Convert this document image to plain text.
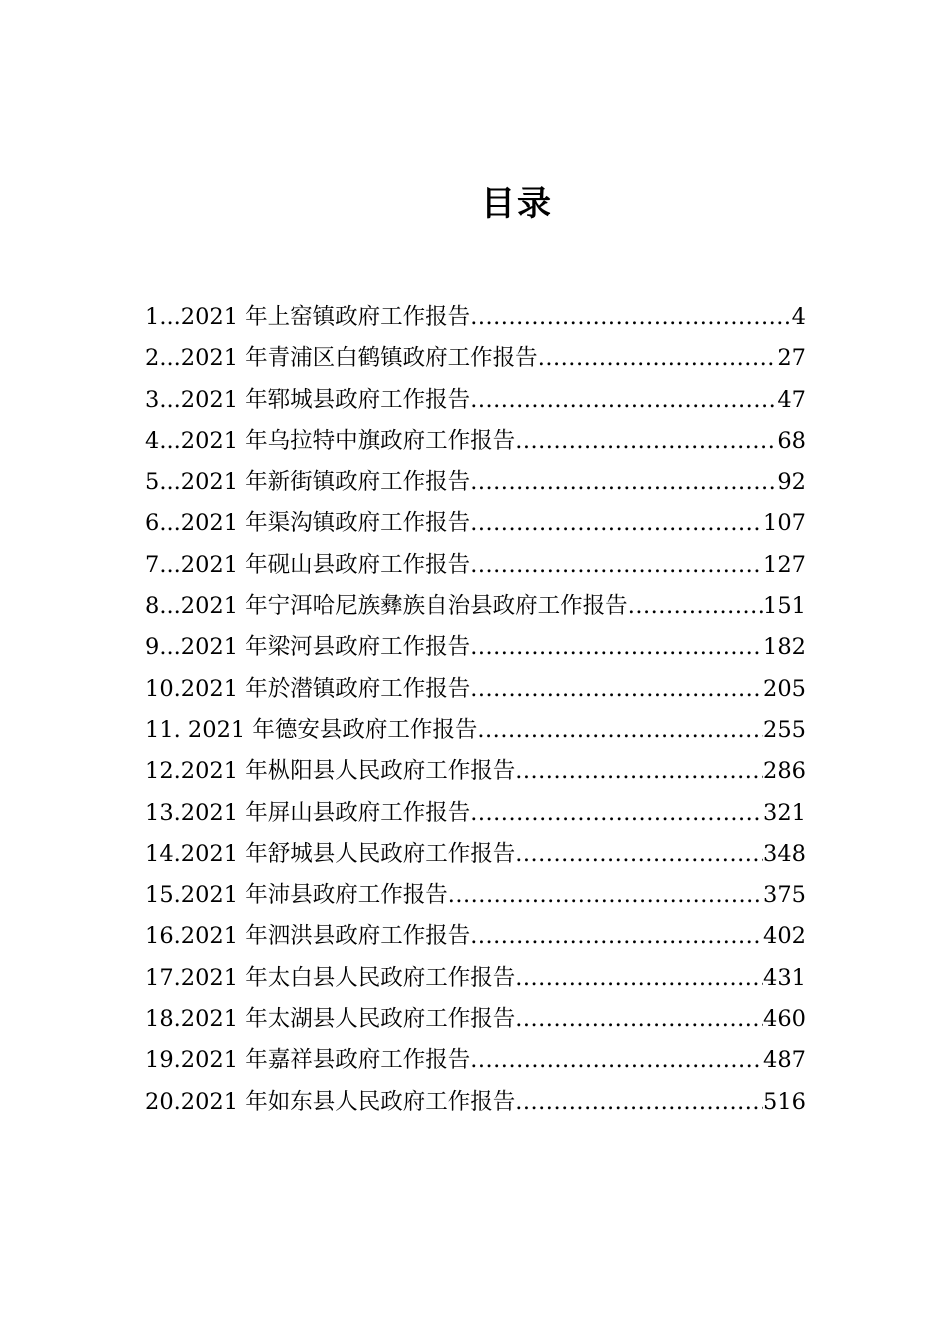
目录
1...2021 年上窑镇政府工作报告 .....	4
2...2021 年青浦区白鹤镇政府工作报告 .....	27
3...2021 年郓城县政府工作报告 .....	47
4...2021 年乌拉特中旗政府工作报告 .....	68
5...2021 年新街镇政府工作报告 .....	92
6...2021 年渠沟镇政府工作报告 .....	107
7...2021 年砚山县政府工作报告 .....	127
8...2021 年宁洱哈尼族彝族自治县政府工作报告 .....	151
9...2021 年梁河县政府工作报告 .....	182
10.2021 年於潜镇政府工作报告 .....	205
11. 2021 年德安县政府工作报告 .....	255
12.2021 年枞阳县人民政府工作报告 .....	286
13.2021 年屏山县政府工作报告 .....	321
14.2021 年舒城县人民政府工作报告 .....	348
15.2021 年沛县政府工作报告 .....	375
16.2021 年泗洪县政府工作报告 .....	402
17.2021 年太白县人民政府工作报告 .....	431
18.2021 年太湖县人民政府工作报告 .....	460
19.2021 年嘉祥县政府工作报告 .....	487
20.2021 年如东县人民政府工作报告 .....	516
